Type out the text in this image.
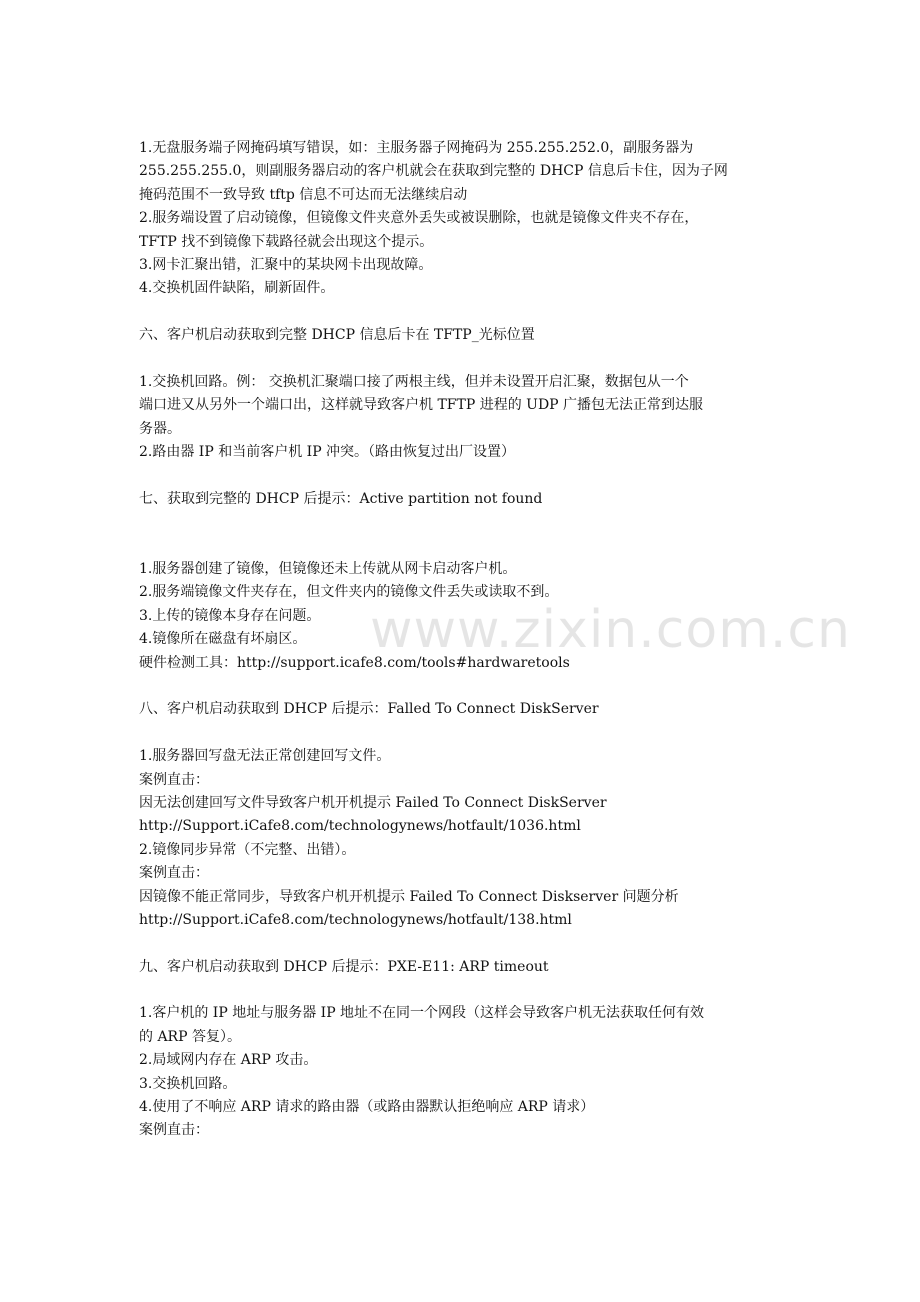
1.无盘服务端子网掩码填写错误，如：主服务器子网掩码为 255.255.252.0，副服务器为
255.255.255.0，则副服务器启动的客户机就会在获取到完整的 DHCP 信息后卡住，因为子网
掩码范围不一致导致 tftp 信息不可达而无法继续启动
2.服务端设置了启动镜像，但镜像文件夹意外丢失或被误删除，也就是镜像文件夹不存在，
TFTP 找不到镜像下载路径就会出现这个提示。
3.网卡汇聚出错，汇聚中的某块网卡出现故障。
4.交换机固件缺陷，刷新固件。
六、客户机启动获取到完整 DHCP 信息后卡在 TFTP_光标位置
1.交换机回路。例： 交换机汇聚端口接了两根主线，但并未设置开启汇聚，数据包从一个
端口进又从另外一个端口出，这样就导致客户机 TFTP 进程的 UDP 广播包无法正常到达服
务器。
2.路由器 IP 和当前客户机 IP 冲突。（路由恢复过出厂设置）
七、获取到完整的 DHCP 后提示：Active partition not found
1.服务器创建了镜像，但镜像还未上传就从网卡启动客户机。
2.服务端镜像文件夹存在，但文件夹内的镜像文件丢失或读取不到。
3.上传的镜像本身存在问题。
4.镜像所在磁盘有坏扇区。
硬件检测工具：http://support.icafe8.com/tools#hardwaretools
八、客户机启动获取到 DHCP 后提示：Falled To Connect DiskServer
1.服务器回写盘无法正常创建回写文件。
案例直击：
因无法创建回写文件导致客户机开机提示 Failed To Connect DiskServer
http://Support.iCafe8.com/technologynews/hotfault/1036.html
2.镜像同步异常（不完整、出错）。
案例直击：
因镜像不能正常同步，导致客户机开机提示 Failed To Connect Diskserver 问题分析
http://Support.iCafe8.com/technologynews/hotfault/138.html
九、客户机启动获取到 DHCP 后提示：PXE-E11: ARP timeout
1.客户机的 IP 地址与服务器 IP 地址不在同一个网段（这样会导致客户机无法获取任何有效
的 ARP 答复）。
2.局域网内存在 ARP 攻击。
3.交换机回路。
4.使用了不响应 ARP 请求的路由器（或路由器默认拒绝响应 ARP 请求）
案例直击：
www.zixin.com.cn
